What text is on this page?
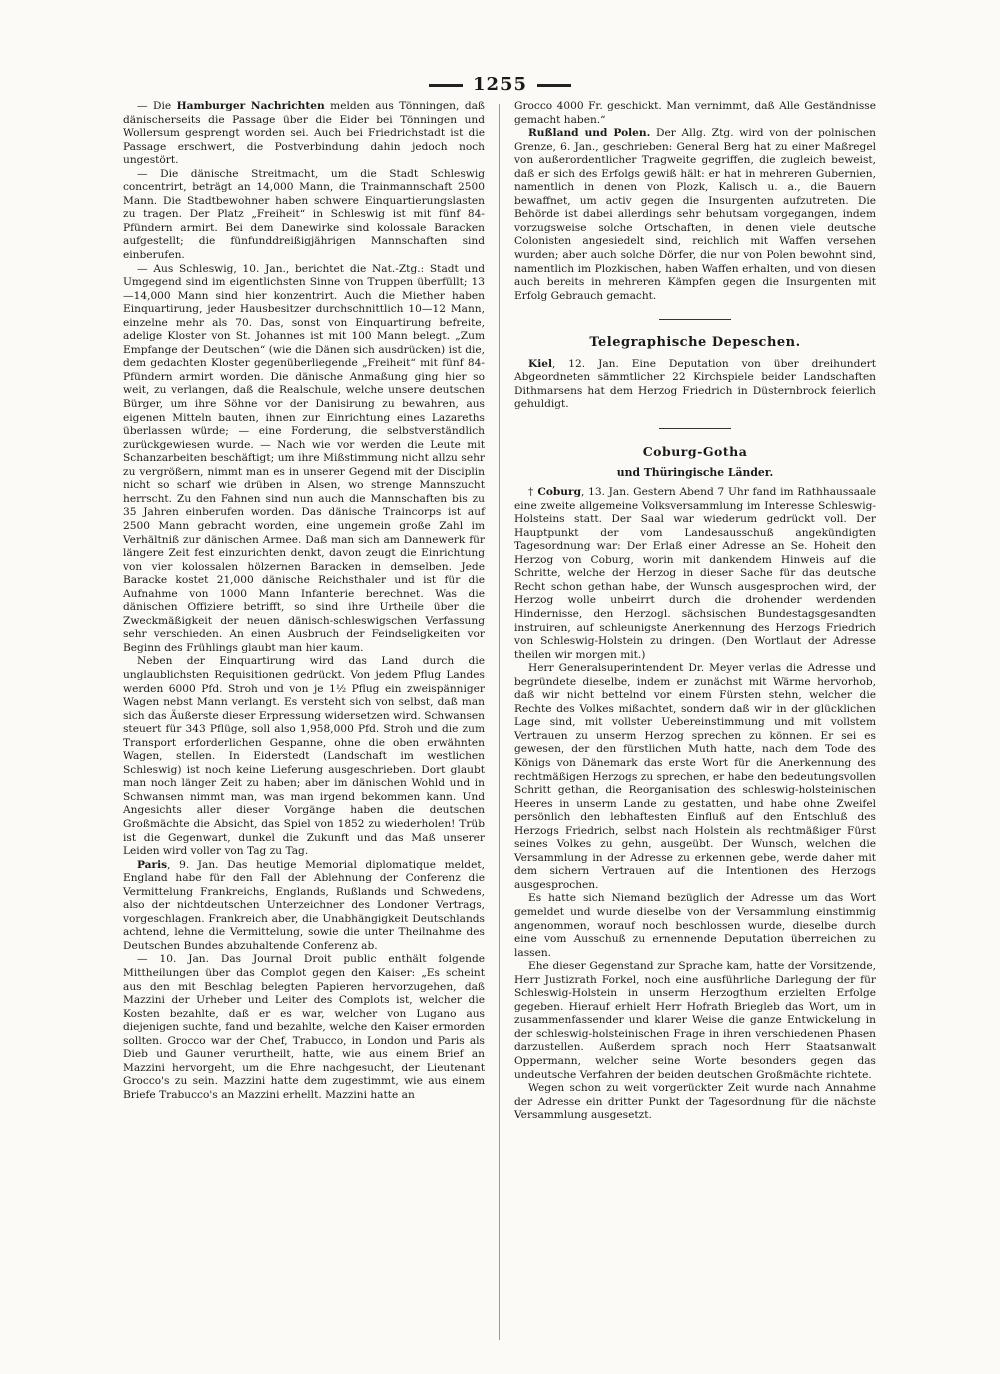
1255

— Die Hamburger Nachrichten melden aus Tönningen, daß dänischerseits die Passage über die Eider bei Tönningen und Wollersum gesprengt worden sei. Auch bei Friedrichstadt ist die Passage erschwert, die Postverbindung dahin jedoch noch ungestört.

— Die dänische Streitmacht, um die Stadt Schleswig concentrirt, beträgt an 14,000 Mann, die Trainmannschaft 2500 Mann. Die Stadtbewohner haben schwere Einquartierungslasten zu tragen. Der Platz „Freiheit“ in Schleswig ist mit fünf 84-Pfündern armirt. Bei dem Danewirke sind kolossale Baracken aufgestellt; die fünfunddreißigjährigen Mannschaften sind einberufen.

— Aus Schleswig, 10. Jan., berichtet die Nat.-Ztg.: Stadt und Umgegend sind im eigentlichsten Sinne von Truppen überfüllt; 13—14,000 Mann sind hier konzentrirt. Auch die Miether haben Einquartirung, jeder Hausbesitzer durchschnittlich 10—12 Mann, einzelne mehr als 70. Das, sonst von Einquartirung befreite, adelige Kloster von St. Johannes ist mit 100 Mann belegt. „Zum Empfange der Deutschen“ (wie die Dänen sich ausdrücken) ist die, dem gedachten Kloster gegenüberliegende „Freiheit“ mit fünf 84-Pfündern armirt worden. Die dänische Anmaßung ging hier so weit, zu verlangen, daß die Realschule, welche unsere deutschen Bürger, um ihre Söhne vor der Danisirung zu bewahren, aus eigenen Mitteln bauten, ihnen zur Einrichtung eines Lazareths überlassen würde; — eine Forderung, die selbstverständlich zurückgewiesen wurde. — Nach wie vor werden die Leute mit Schanzarbeiten beschäftigt; um ihre Mißstimmung nicht allzu sehr zu vergrößern, nimmt man es in unserer Gegend mit der Disciplin nicht so scharf wie drüben in Alsen, wo strenge Mannszucht herrscht. Zu den Fahnen sind nun auch die Mannschaften bis zu 35 Jahren einberufen worden. Das dänische Traincorps ist auf 2500 Mann gebracht worden, eine ungemein große Zahl im Verhältniß zur dänischen Armee. Daß man sich am Dannewerk für längere Zeit fest einzurichten denkt, davon zeugt die Einrichtung von vier kolossalen hölzernen Baracken in demselben. Jede Baracke kostet 21,000 dänische Reichsthaler und ist für die Aufnahme von 1000 Mann Infanterie berechnet. Was die dänischen Offiziere betrifft, so sind ihre Urtheile über die Zweckmäßigkeit der neuen dänisch-schleswigschen Verfassung sehr verschieden. An einen Ausbruch der Feindseligkeiten vor Beginn des Frühlings glaubt man hier kaum.

Neben der Einquartirung wird das Land durch die unglaublichsten Requisitionen gedrückt. Von jedem Pflug Landes werden 6000 Pfd. Stroh und von je 1½ Pflug ein zweispänniger Wagen nebst Mann verlangt. Es versteht sich von selbst, daß man sich das Äußerste dieser Erpressung widersetzen wird. Schwansen steuert für 343 Pflüge, soll also 1,958,000 Pfd. Stroh und die zum Transport erforderlichen Gespanne, ohne die oben erwähnten Wagen, stellen. In Eiderstedt (Landschaft im westlichen Schleswig) ist noch keine Lieferung ausgeschrieben. Dort glaubt man noch länger Zeit zu haben; aber im dänischen Wohld und in Schwansen nimmt man, was man irgend bekommen kann. Und Angesichts aller dieser Vorgänge haben die deutschen Großmächte die Absicht, das Spiel von 1852 zu wiederholen! Trüb ist die Gegenwart, dunkel die Zukunft und das Maß unserer Leiden wird voller von Tag zu Tag.

Paris, 9. Jan. Das heutige Memorial diplomatique meldet, England habe für den Fall der Ablehnung der Conferenz die Vermittelung Frankreichs, Englands, Rußlands und Schwedens, also der nichtdeutschen Unterzeichner des Londoner Vertrags, vorgeschlagen. Frankreich aber, die Unabhängigkeit Deutschlands achtend, lehne die Vermittelung, sowie die unter Theilnahme des Deutschen Bundes abzuhaltende Conferenz ab.

— 10. Jan. Das Journal Droit public enthält folgende Mittheilungen über das Complot gegen den Kaiser: „Es scheint aus den mit Beschlag belegten Papieren hervorzugehen, daß Mazzini der Urheber und Leiter des Complots ist, welcher die Kosten bezahlte, daß er es war, welcher von Lugano aus diejenigen suchte, fand und bezahlte, welche den Kaiser ermorden sollten. Grocco war der Chef, Trabucco, in London und Paris als Dieb und Gauner verurtheilt, hatte, wie aus einem Brief an Mazzini hervorgeht, um die Ehre nachgesucht, der Lieutenant Grocco's zu sein. Mazzini hatte dem zugestimmt, wie aus einem Briefe Trabucco's an Mazzini erhellt. Mazzini hatte an

Grocco 4000 Fr. geschickt. Man vernimmt, daß Alle Geständnisse gemacht haben.“

Rußland und Polen. Der Allg. Ztg. wird von der polnischen Grenze, 6. Jan., geschrieben: General Berg hat zu einer Maßregel von außerordentlicher Tragweite gegriffen, die zugleich beweist, daß er sich des Erfolgs gewiß hält: er hat in mehreren Gubernien, namentlich in denen von Plozk, Kalisch u. a., die Bauern bewaffnet, um activ gegen die Insurgenten aufzutreten. Die Behörde ist dabei allerdings sehr behutsam vorgegangen, indem vorzugsweise solche Ortschaften, in denen viele deutsche Colonisten angesiedelt sind, reichlich mit Waffen versehen wurden; aber auch solche Dörfer, die nur von Polen bewohnt sind, namentlich im Plozkischen, haben Waffen erhalten, und von diesen auch bereits in mehreren Kämpfen gegen die Insurgenten mit Erfolg Gebrauch gemacht.

Telegraphische Depeschen.

Kiel, 12. Jan. Eine Deputation von über dreihundert Abgeordneten sämmtlicher 22 Kirchspiele beider Landschaften Dithmarsens hat dem Herzog Friedrich in Düsternbrock feierlich gehuldigt.

Coburg-Gotha
und Thüringische Länder.

† Coburg, 13. Jan. Gestern Abend 7 Uhr fand im Rathhaussaale eine zweite allgemeine Volksversammlung im Interesse Schleswig-Holsteins statt. Der Saal war wiederum gedrückt voll. Der Hauptpunkt der vom Landesausschuß angekündigten Tagesordnung war: Der Erlaß einer Adresse an Se. Hoheit den Herzog von Coburg, worin mit dankendem Hinweis auf die Schritte, welche der Herzog in dieser Sache für das deutsche Recht schon gethan habe, der Wunsch ausgesprochen wird, der Herzog wolle unbeirrt durch die drohender werdenden Hindernisse, den Herzogl. sächsischen Bundestagsgesandten instruiren, auf schleunigste Anerkennung des Herzogs Friedrich von Schleswig-Holstein zu dringen. (Den Wortlaut der Adresse theilen wir morgen mit.)

Herr Generalsuperintendent Dr. Meyer verlas die Adresse und begründete dieselbe, indem er zunächst mit Wärme hervorhob, daß wir nicht bettelnd vor einem Fürsten stehn, welcher die Rechte des Volkes mißachtet, sondern daß wir in der glücklichen Lage sind, mit vollster Uebereinstimmung und mit vollstem Vertrauen zu unserm Herzog sprechen zu können. Er sei es gewesen, der den fürstlichen Muth hatte, nach dem Tode des Königs von Dänemark das erste Wort für die Anerkennung des rechtmäßigen Herzogs zu sprechen, er habe den bedeutungsvollen Schritt gethan, die Reorganisation des schleswig-holsteinischen Heeres in unserm Lande zu gestatten, und habe ohne Zweifel persönlich den lebhaftesten Einfluß auf den Entschluß des Herzogs Friedrich, selbst nach Holstein als rechtmäßiger Fürst seines Volkes zu gehn, ausgeübt. Der Wunsch, welchen die Versammlung in der Adresse zu erkennen gebe, werde daher mit dem sichern Vertrauen auf die Intentionen des Herzogs ausgesprochen.

Es hatte sich Niemand bezüglich der Adresse um das Wort gemeldet und wurde dieselbe von der Versammlung einstimmig angenommen, worauf noch beschlossen wurde, dieselbe durch eine vom Ausschuß zu ernennende Deputation überreichen zu lassen.

Ehe dieser Gegenstand zur Sprache kam, hatte der Vorsitzende, Herr Justizrath Forkel, noch eine ausführliche Darlegung der für Schleswig-Holstein in unserm Herzogthum erzielten Erfolge gegeben. Hierauf erhielt Herr Hofrath Briegleb das Wort, um in zusammenfassender und klarer Weise die ganze Entwickelung in der schleswig-holsteinischen Frage in ihren verschiedenen Phasen darzustellen. Außerdem sprach noch Herr Staatsanwalt Oppermann, welcher seine Worte besonders gegen das undeutsche Verfahren der beiden deutschen Großmächte richtete.

Wegen schon zu weit vorgerückter Zeit wurde nach Annahme der Adresse ein dritter Punkt der Tagesordnung für die nächste Versammlung ausgesetzt.
